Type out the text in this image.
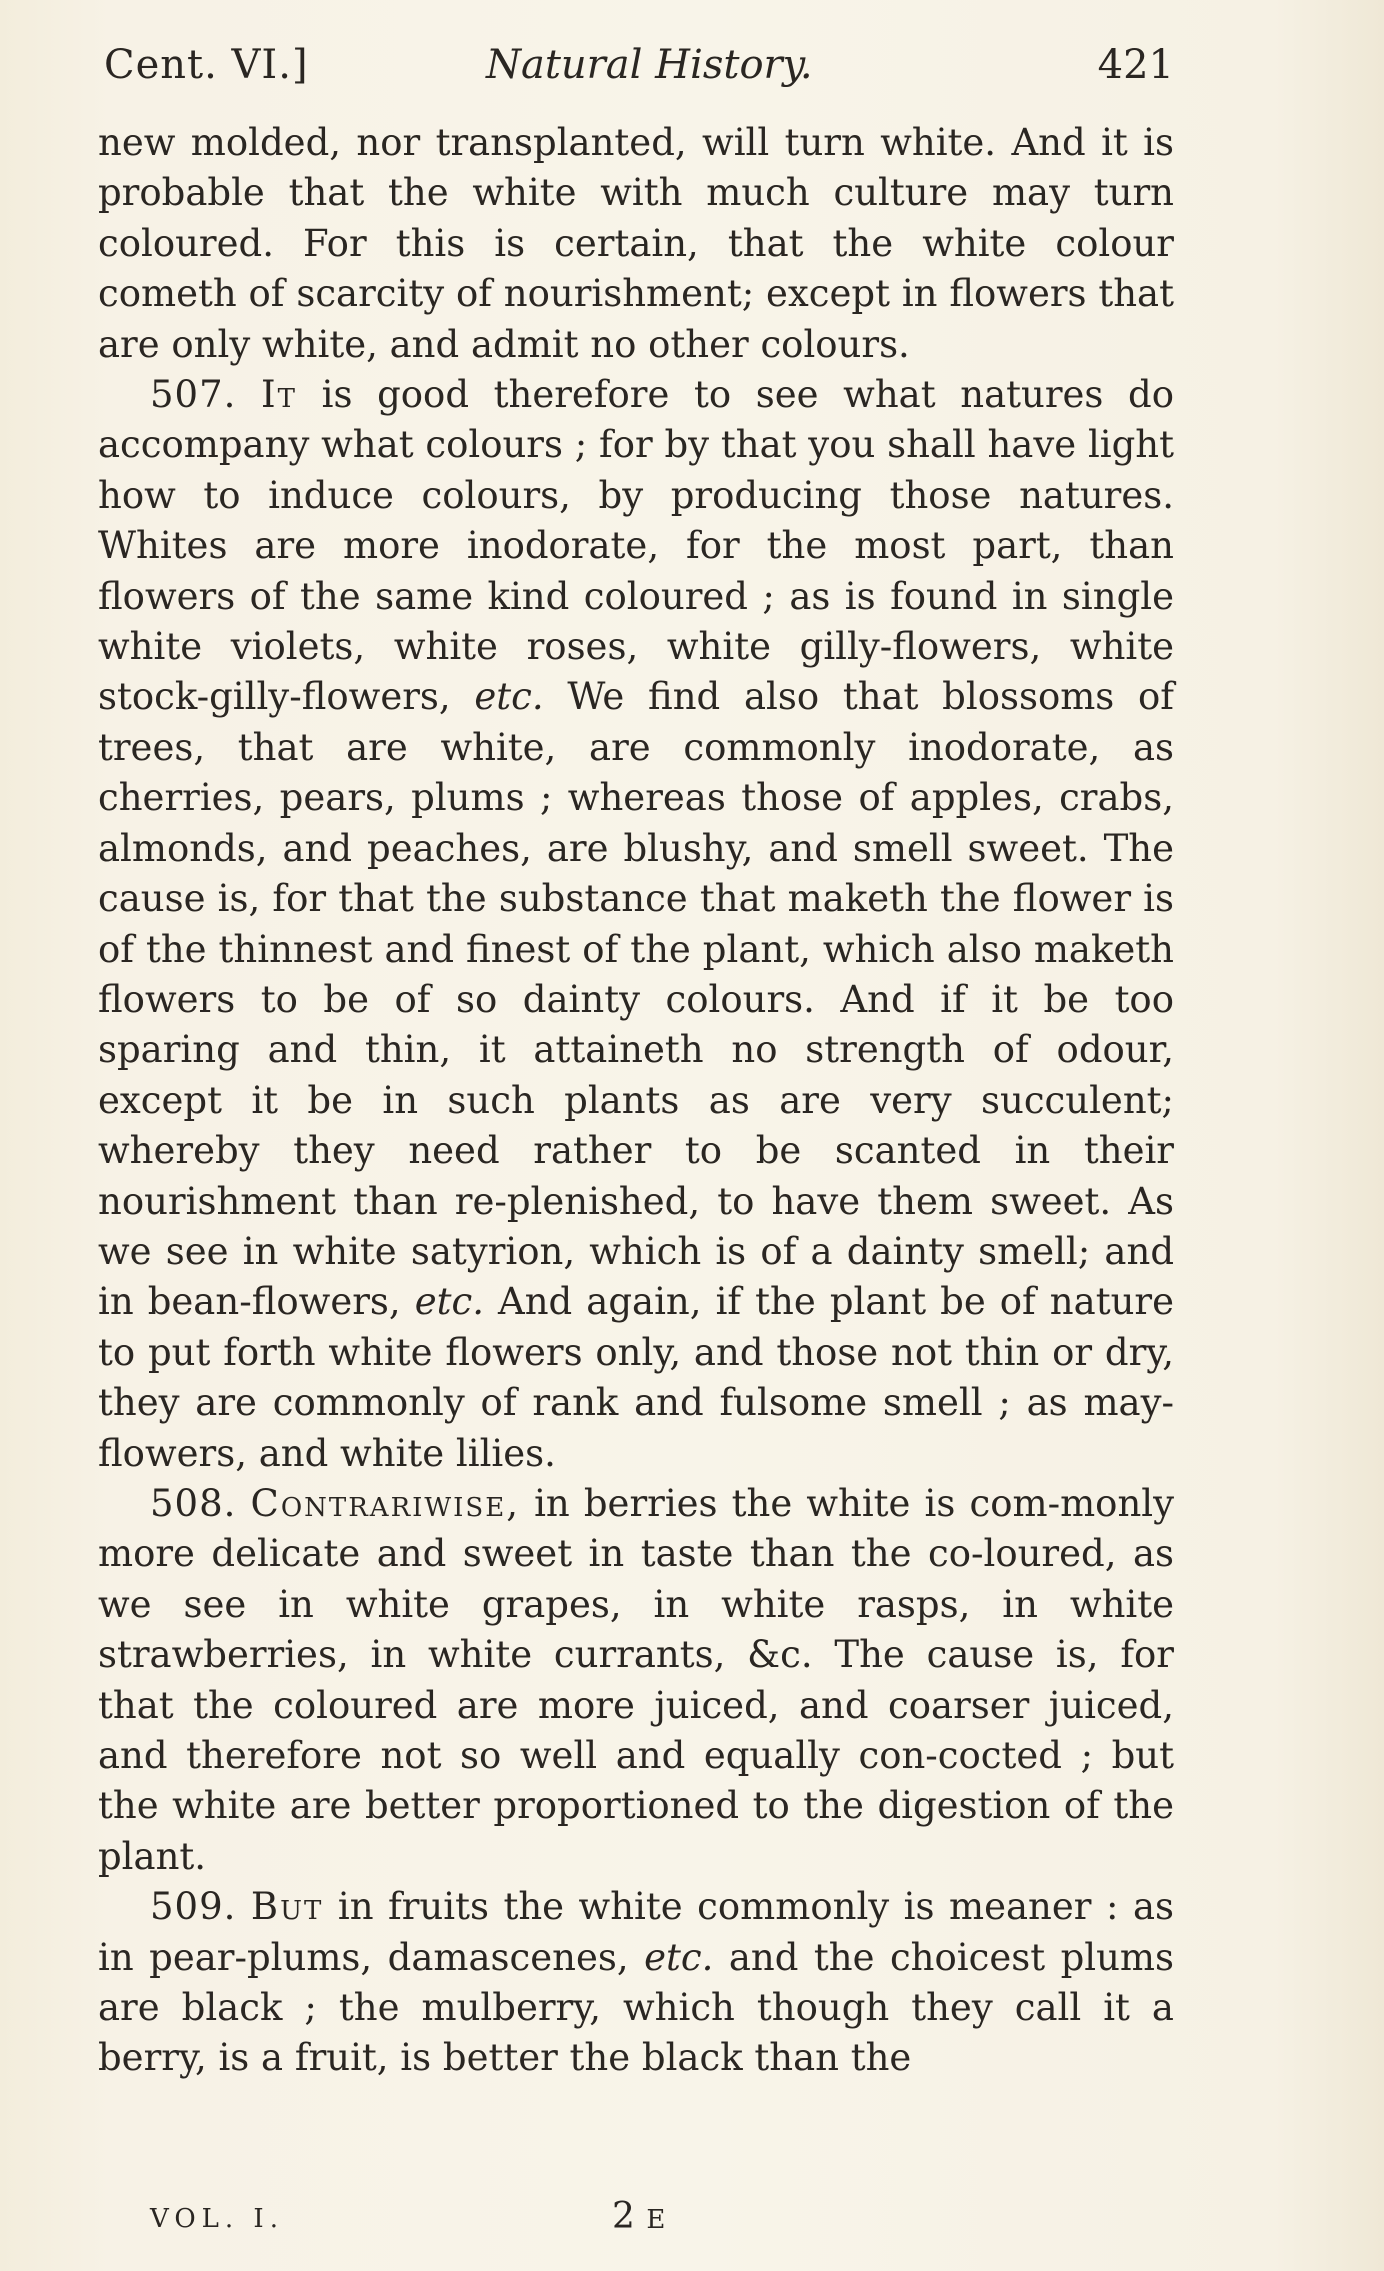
Cent. VI.]	Natural History.	421

new molded, nor transplanted, will turn white. And it is probable that the white with much culture may turn coloured. For this is certain, that the white colour cometh of scarcity of nourishment; except in flowers that are only white, and admit no other colours.

507. It is good therefore to see what natures do accompany what colours ; for by that you shall have light how to induce colours, by producing those natures. Whites are more inodorate, for the most part, than flowers of the same kind coloured ; as is found in single white violets, white roses, white gilly-flowers, white stock-gilly-flowers, etc. We find also that blossoms of trees, that are white, are commonly inodorate, as cherries, pears, plums ; whereas those of apples, crabs, almonds, and peaches, are blushy, and smell sweet. The cause is, for that the substance that maketh the flower is of the thinnest and finest of the plant, which also maketh flowers to be of so dainty colours. And if it be too sparing and thin, it attaineth no strength of odour, except it be in such plants as are very succulent; whereby they need rather to be scanted in their nourishment than re-plenished, to have them sweet. As we see in white satyrion, which is of a dainty smell; and in bean-flowers, etc. And again, if the plant be of nature to put forth white flowers only, and those not thin or dry, they are commonly of rank and fulsome smell ; as may-flowers, and white lilies.

508. Contrariwise, in berries the white is com-monly more delicate and sweet in taste than the co-loured, as we see in white grapes, in white rasps, in white strawberries, in white currants, &c. The cause is, for that the coloured are more juiced, and coarser juiced, and therefore not so well and equally con-cocted ; but the white are better proportioned to the digestion of the plant.

509. But in fruits the white commonly is meaner : as in pear-plums, damascenes, etc. and the choicest plums are black ; the mulberry, which though they call it a berry, is a fruit, is better the black than the

VOL. I.	2 E
